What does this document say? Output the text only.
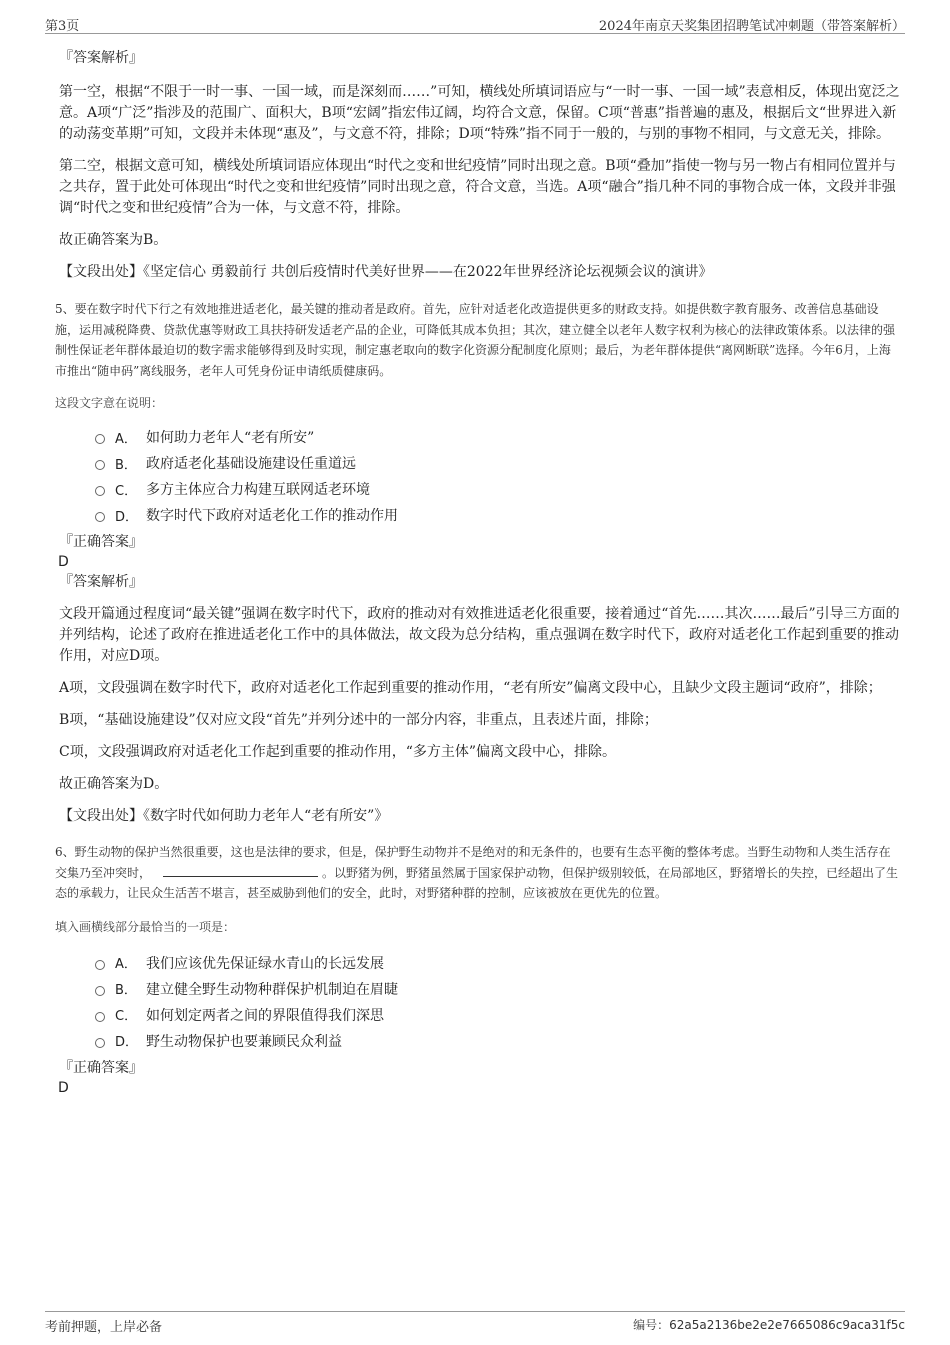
第3页	2024年南京天奖集团招聘笔试冲刺题（带答案解析）
『答案解析』

第一空，根据“不限于一时一事、一国一域，而是深刻而……”可知，横线处所填词语应与“一时一事、一国一域”表意相反，体现出宽泛之意。A项“广泛”指涉及的范围广、面积大，B项“宏阔”指宏伟辽阔，均符合文意，保留。C项“普惠”指普遍的惠及，根据后文“世界进入新的动荡变革期”可知，文段并未体现“惠及”，与文意不符，排除；D项“特殊”指不同于一般的，与别的事物不相同，与文意无关，排除。

第二空，根据文意可知，横线处所填词语应体现出“时代之变和世纪疫情”同时出现之意。B项“叠加”指使一物与另一物占有相同位置并与之共存，置于此处可体现出“时代之变和世纪疫情”同时出现之意，符合文意，当选。A项“融合”指几种不同的事物合成一体，文段并非强调“时代之变和世纪疫情”合为一体，与文意不符，排除。

故正确答案为B。

【文段出处】《坚定信心 勇毅前行 共创后疫情时代美好世界——在2022年世界经济论坛视频会议的演讲》

5、要在数字时代下行之有效地推进适老化，最关键的推动者是政府。首先，应针对适老化改造提供更多的财政支持。如提供数字教育服务、改善信息基础设施，运用减税降费、贷款优惠等财政工具扶持研发适老产品的企业，可降低其成本负担；其次，建立健全以老年人数字权利为核心的法律政策体系。以法律的强制性保证老年群体最迫切的数字需求能够得到及时实现，制定惠老取向的数字化资源分配制度化原则；最后，为老年群体提供“离网断联”选择。今年6月，上海市推出“随申码”离线服务，老年人可凭身份证申请纸质健康码。

这段文字意在说明：

A． 如何助力老年人“老有所安”
B． 政府适老化基础设施建设任重道远
C． 多方主体应合力构建互联网适老环境
D． 数字时代下政府对适老化工作的推动作用
『正确答案』
D
『答案解析』

文段开篇通过程度词“最关键”强调在数字时代下，政府的推动对有效推进适老化很重要，接着通过“首先……其次……最后”引导三方面的并列结构，论述了政府在推进适老化工作中的具体做法，故文段为总分结构，重点强调在数字时代下，政府对适老化工作起到重要的推动作用，对应D项。

A项，文段强调在数字时代下，政府对适老化工作起到重要的推动作用，“老有所安”偏离文段中心，且缺少文段主题词“政府”，排除；

B项，“基础设施建设”仅对应文段“首先”并列分述中的一部分内容，非重点，且表述片面，排除；

C项，文段强调政府对适老化工作起到重要的推动作用，“多方主体”偏离文段中心，排除。

故正确答案为D。

【文段出处】《数字时代如何助力老年人“老有所安”》

6、野生动物的保护当然很重要，这也是法律的要求，但是，保护野生动物并不是绝对的和无条件的，也要有生态平衡的整体考虑。当野生动物和人类生活存在交集乃至冲突时，	。以野猪为例，野猪虽然属于国家保护动物，但保护级别较低，在局部地区，野猪增长的失控，已经超出了生态的承载力，让民众生活苦不堪言，甚至威胁到他们的安全，此时，对野猪种群的控制，应该被放在更优先的位置。

填入画横线部分最恰当的一项是：

A． 我们应该优先保证绿水青山的长远发展
B． 建立健全野生动物种群保护机制迫在眉睫
C． 如何划定两者之间的界限值得我们深思
D． 野生动物保护也要兼顾民众利益
『正确答案』
D
考前押题，上岸必备	编号：62a5a2136be2e2e7665086c9aca31f5c
